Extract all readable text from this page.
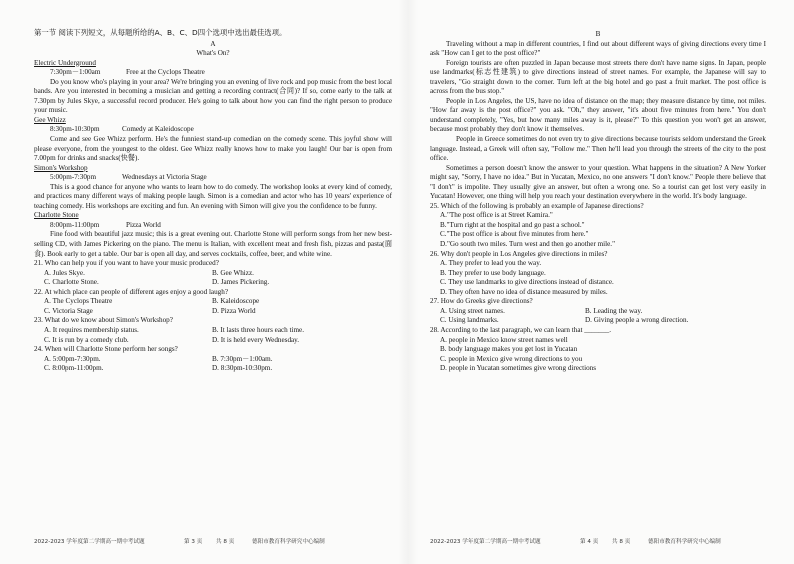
第一节 阅读下列短文，从每题所给的A、B、C、D四个选项中选出最佳选项。

A

What's On?

Electric Underground

7:30pm－1:00am	Free at the Cyclops Theatre

Do you know who's playing in your area? We're bringing you an evening of live rock and pop music from the best local bands. Are you interested in becoming a musician and getting a recording contract(合同)? If so, come early to the talk at 7.30pm by Jules Skye, a successful record producer. He's going to talk about how you can find the right person to produce your music.

Gee Whizz

8:30pm-10:30pm	Comedy at Kaleidoscope

Come and see Gee Whizz perform. He's the funniest stand-up comedian on the comedy scene. This joyful show will please everyone, from the youngest to the oldest. Gee Whizz really knows how to make you laugh! Our bar is open from 7.00pm for drinks and snacks(快餐).

Simon's Workshop

5:00pm-7:30pm	Wednesdays at Victoria Stage

This is a good chance for anyone who wants to learn how to do comedy. The workshop looks at every kind of comedy, and practices many different ways of making people laugh. Simon is a comedian and actor who has 10 years' experience of teaching comedy. His workshops are exciting and fun. An evening with Simon will give you the confidence to be funny.

Charlotte Stone

8:00pm-11:00pm	Pizza World

Fine food with beautiful jazz music; this is a great evening out. Charlotte Stone will perform songs from her new best-selling CD, with James Pickering on the piano. The menu is Italian, with excellent meat and fresh fish, pizzas and pasta(面食). Book early to get a table. Our bar is open all day, and serves cocktails, coffee, beer, and white wine.

21. Who can help you if you want to have your music produced?

A. Jules Skye.	B. Gee Whizz.
C. Charlotte Stone.	D. James Pickering.

22. At which place can people of different ages enjoy a good laugh?

A. The Cyclops Theatre	B. Kaleidoscope
C. Victoria Stage	D. Pizza World

23. What do we know about Simon's Workshop?

A. It requires membership status.	B. It lasts three hours each time.
C. It is run by a comedy club.	D. It is held every Wednesday.

24. When will Charlotte Stone perform her songs?

A. 5:00pm-7:30pm.	B. 7:30pm－1:00am.
C. 8:00pm-11:00pm.	D. 8:30pm-10:30pm.
2022-2023 学年度第二学期高一期中考试题	第 3 页 共 8 页	德阳市教育科学研究中心编制

B

Traveling without a map in different countries, I find out about different ways of giving directions every time I ask "How can I get to the post office?"

Foreign tourists are often puzzled in Japan because most streets there don't have name signs. In Japan, people use landmarks(标志性建筑) to give directions instead of street names. For example, the Japanese will say to travelers, "Go straight down to the corner. Turn left at the big hotel and go past a fruit market. The post office is across from the bus stop."

People in Los Angeles, the US, have no idea of distance on the map; they measure distance by time, not miles. "How far away is the post office?" you ask. "Oh," they answer, "it's about five minutes from here." You don't understand completely, "Yes, but how many miles away is it, please?" To this question you won't get an answer, because most probably they don't know it themselves.

People in Greece sometimes do not even try to give directions because tourists seldom understand the Greek language. Instead, a Greek will often say, "Follow me." Then he'll lead you through the streets of the city to the post office.

Sometimes a person doesn't know the answer to your question. What happens in the situation? A New Yorker might say, "Sorry, I have no idea." But in Yucatan, Mexico, no one answers "I don't know." People there believe that "I don't" is impolite. They usually give an answer, but often a wrong one. So a tourist can get lost very easily in Yucatan! However, one thing will help you reach your destination everywhere in the world. It's body language.

25. Which of the following is probably an example of Japanese directions?

A."The post office is at Street Kamira."

B."Turn right at the hospital and go past a school."

C."The post office is about five minutes from here."

D."Go south two miles. Turn west and then go another mile."

26. Why don't people in Los Angeles give directions in miles?

A. They prefer to lead you the way.

B. They prefer to use body language.

C. They use landmarks to give directions instead of distance.

D. They often have no idea of distance measured by miles.

27. How do Greeks give directions?

A. Using street names.	B. Leading the way.
C. Using landmarks.	D. Giving people a wrong direction.

28. According to the last paragraph, we can learn that _______.

A. people in Mexico know street names well

B. body language makes you get lost in Yucatan

C. people in Mexico give wrong directions to you

D. people in Yucatan sometimes give wrong directions

2022-2023 学年度第二学期高一期中考试题	第 4 页 共 8 页	德阳市教育科学研究中心编制
